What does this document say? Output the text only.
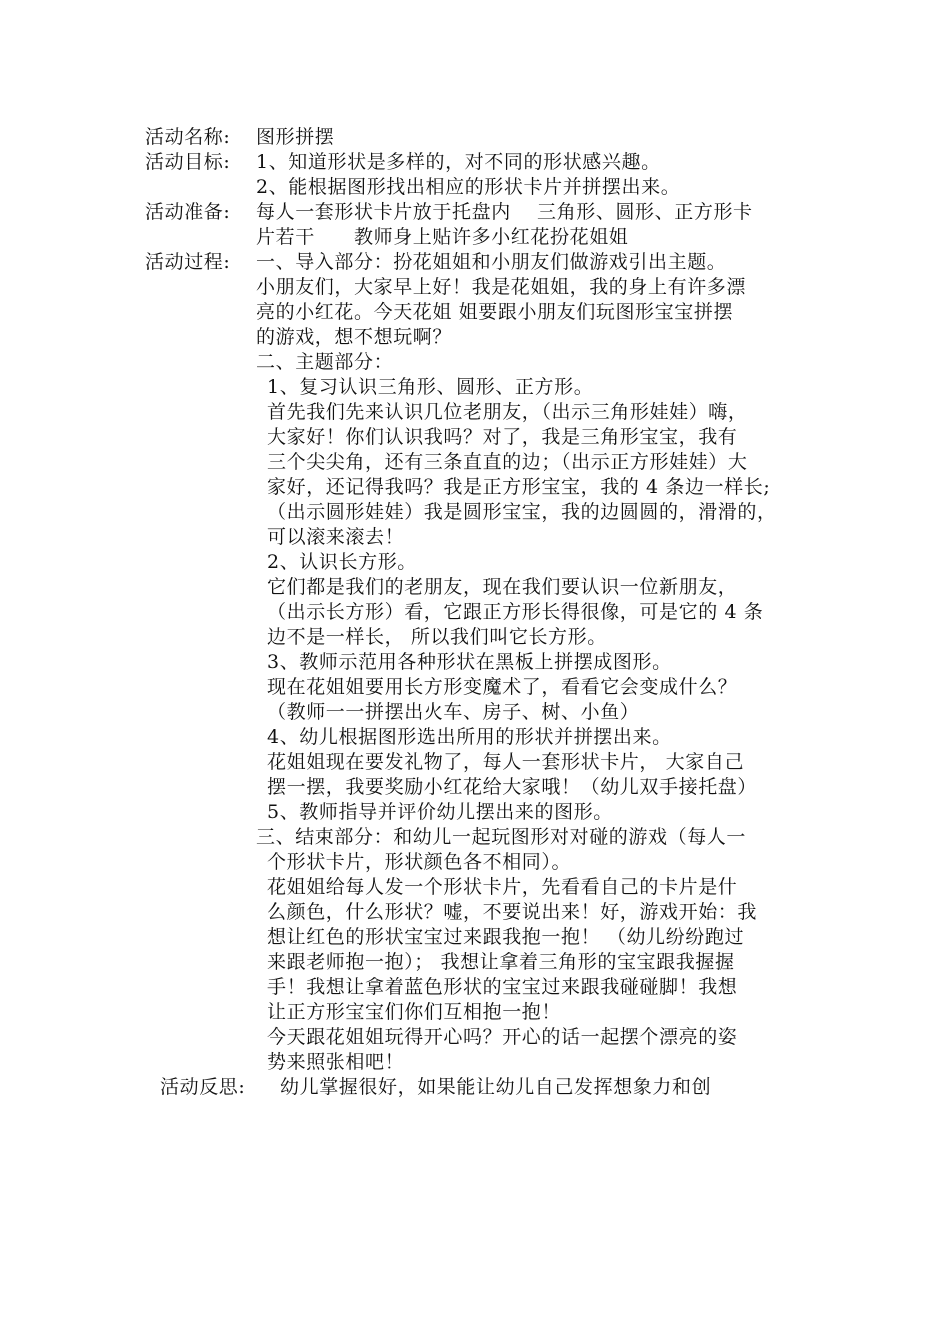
活动名称: 图形拼摆
活动目标: 1、知道形状是多样的，对不同的形状感兴趣。
2、能根据图形找出相应的形状卡片并拼摆出来。
活动准备: 每人一套形状卡片放于托盘内　 三角形、圆形、正方形卡
片若干　　教师身上贴许多小红花扮花姐姐
活动过程: 一、导入部分：扮花姐姐和小朋友们做游戏引出主题。
小朋友们，大家早上好！我是花姐姐，我的身上有许多漂
亮的小红花。今天花姐 姐要跟小朋友们玩图形宝宝拼摆
的游戏，想不想玩啊？
二、主题部分：
1、复习认识三角形、圆形、正方形。
首先我们先来认识几位老朋友，（出示三角形娃娃）嗨，
大家好！你们认识我吗？对了，我是三角形宝宝，我有
三个尖尖角，还有三条直直的边；（出示正方形娃娃）大
家好，还记得我吗？我是正方形宝宝，我的 4 条边一样长;
（出示圆形娃娃）我是圆形宝宝，我的边圆圆的，滑滑的，
可以滚来滚去！
2、认识长方形。
它们都是我们的老朋友，现在我们要认识一位新朋友，
（出示长方形）看，它跟正方形长得很像，可是它的 4 条
边不是一样长， 所以我们叫它长方形。
3、教师示范用各种形状在黑板上拼摆成图形。
现在花姐姐要用长方形变魔术了，看看它会变成什么？
（教师一一拼摆出火车、房子、树、小鱼）
4、幼儿根据图形选出所用的形状并拼摆出来。
花姐姐现在要发礼物了，每人一套形状卡片， 大家自己
摆一摆，我要奖励小红花给大家哦！（幼儿双手接托盘）
5、教师指导并评价幼儿摆出来的图形。
三、结束部分：和幼儿一起玩图形对对碰的游戏（每人一
个形状卡片，形状颜色各不相同）。
花姐姐给每人发一个形状卡片，先看看自己的卡片是什
么颜色，什么形状？嘘，不要说出来！好，游戏开始：我
想让红色的形状宝宝过来跟我抱一抱！ （幼儿纷纷跑过
来跟老师抱一抱）； 我想让拿着三角形的宝宝跟我握握
手！我想让拿着蓝色形状的宝宝过来跟我碰碰脚！我想
让正方形宝宝们你们互相抱一抱！
今天跟花姐姐玩得开心吗？开心的话一起摆个漂亮的姿
势来照张相吧！
活动反思: 幼儿掌握很好，如果能让幼儿自己发挥想象力和创
